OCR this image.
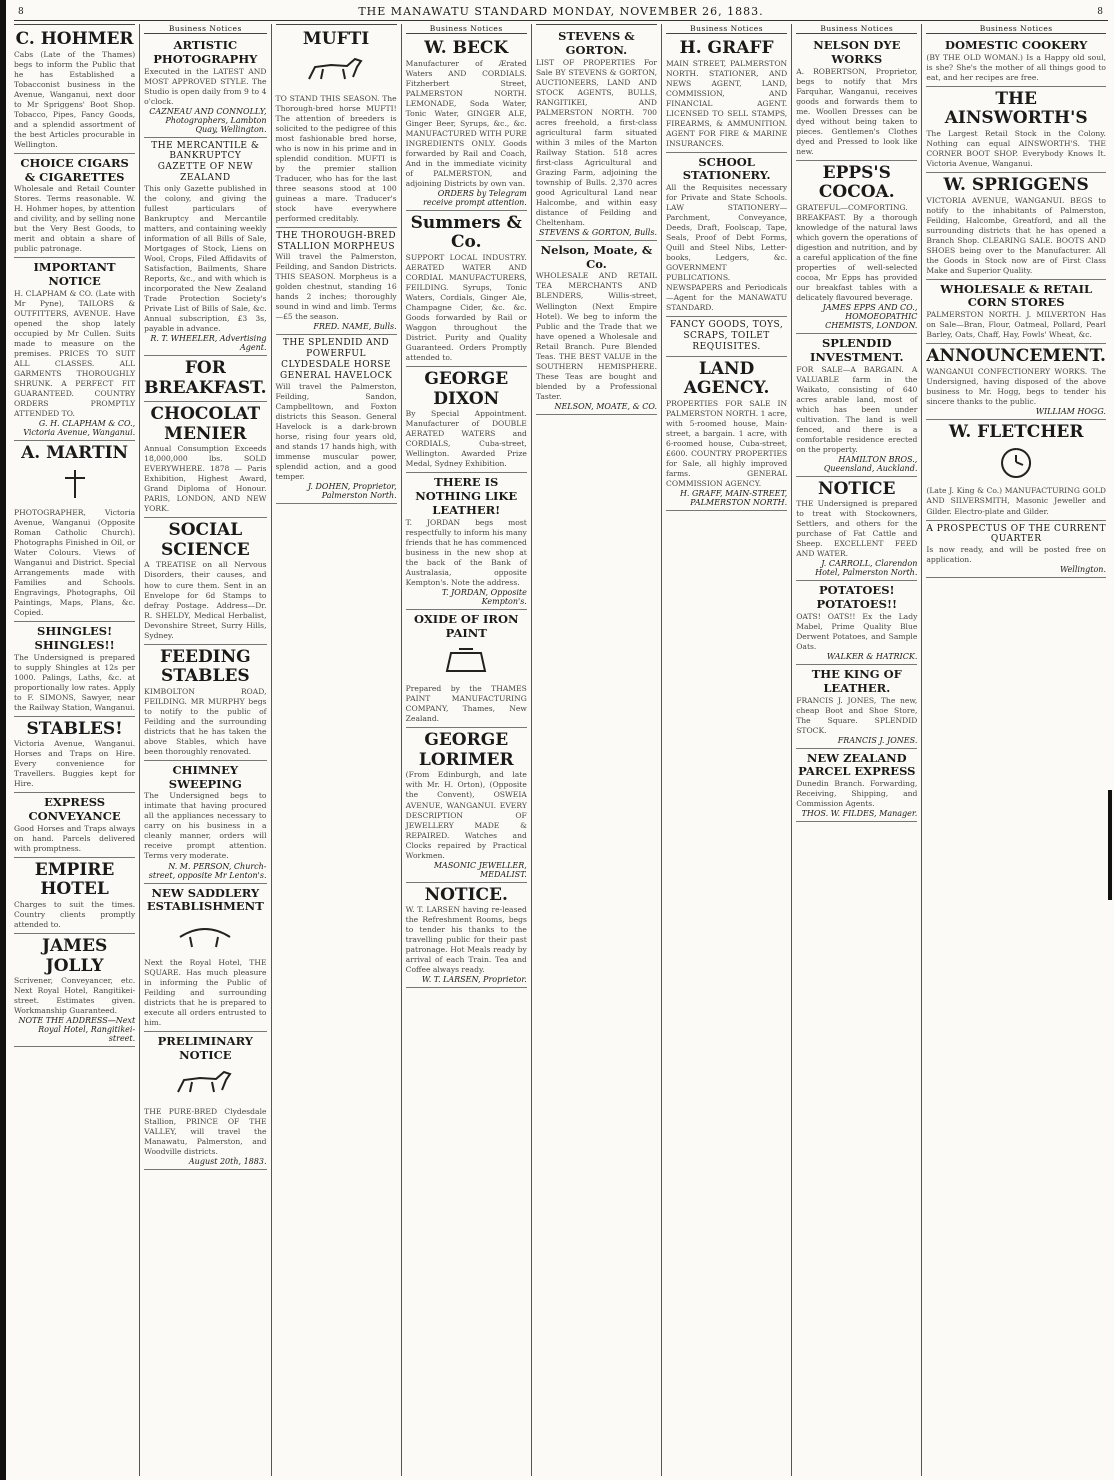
8	THE MANAWATU STANDARD MONDAY, NOVEMBER 26, 1883.	8
C. HOHMER
Cabs (Late of the Thames) begs to inform the Public that he has Established a Tobacconist business in the Avenue, Wanganui, next door to Mr Spriggens' Boot Shop. Tobacco, Pipes, Fancy Goods, and a splendid assortment of the best Articles procurable in Wellington.
CHOICE CIGARS & CIGARETTES
Wholesale and Retail Counter Stores. Terms reasonable. W. H. Hohmer hopes, by attention and civility, and by selling none but the Very Best Goods, to merit and obtain a share of public patronage.
IMPORTANT NOTICE
H. CLAPHAM & CO. (Late with Mr Pyne), TAILORS & OUTFITTERS, AVENUE. Have opened the shop lately occupied by Mr Cullen. Suits made to measure on the premises. PRICES TO SUIT ALL CLASSES. ALL GARMENTS THOROUGHLY SHRUNK. A PERFECT FIT GUARANTEED. COUNTRY ORDERS PROMPTLY ATTENDED TO.
G. H. CLAPHAM & CO., Victoria Avenue, Wanganui.
A. MARTIN
PHOTOGRAPHER, Victoria Avenue, Wanganui (Opposite Roman Catholic Church). Photographs Finished in Oil, or Water Colours. Views of Wanganui and District. Special Arrangements made with Families and Schools. Engravings, Photographs, Oil Paintings, Maps, Plans, &c. Copied.
SHINGLES! SHINGLES!!
The Undersigned is prepared to supply Shingles at 12s per 1000. Palings, Laths, &c. at proportionally low rates. Apply to F. SIMONS, Sawyer, near the Railway Station, Wanganui.
STABLES!
Victoria Avenue, Wanganui. Horses and Traps on Hire. Every convenience for Travellers. Buggies kept for Hire.
EXPRESS CONVEYANCE
Good Horses and Traps always on hand. Parcels delivered with promptness.
EMPIRE HOTEL
Charges to suit the times. Country clients promptly attended to.
JAMES JOLLY
Scrivener, Conveyancer, etc. Next Royal Hotel, Rangitikei-street. Estimates given. Workmanship Guaranteed.
NOTE THE ADDRESS—Next Royal Hotel, Rangitikei-street.
Business Notices
ARTISTIC PHOTOGRAPHY
Executed in the LATEST AND MOST APPROVED STYLE. The Studio is open daily from 9 to 4 o'clock.
CAZNEAU AND CONNOLLY, Photographers, Lambton Quay, Wellington.
THE MERCANTILE & BANKRUPTCY GAZETTE OF NEW ZEALAND
This only Gazette published in the colony, and giving the fullest particulars of Bankruptcy and Mercantile matters, and containing weekly information of all Bills of Sale, Mortgages of Stock, Liens on Wool, Crops, Filed Affidavits of Satisfaction, Bailments, Share Reports, &c., and with which is incorporated the New Zealand Trade Protection Society's Private List of Bills of Sale, &c. Annual subscription, £3 3s, payable in advance.
R. T. WHEELER, Advertising Agent.
FOR BREAKFAST.
CHOCOLAT MENIER
Annual Consumption Exceeds 18,000,000 lbs. SOLD EVERYWHERE. 1878 — Paris Exhibition, Highest Award, Grand Diploma of Honour. PARIS, LONDON, AND NEW YORK.
SOCIAL SCIENCE
A TREATISE on all Nervous Disorders, their causes, and how to cure them. Sent in an Envelope for 6d Stamps to defray Postage. Address—Dr. R. SHELDY, Medical Herbalist, Devonshire Street, Surry Hills, Sydney.
FEEDING STABLES
KIMBOLTON ROAD, FEILDING. MR MURPHY begs to notify to the public of Feilding and the surrounding districts that he has taken the above Stables, which have been thoroughly renovated.
CHIMNEY SWEEPING
The Undersigned begs to intimate that having procured all the appliances necessary to carry on his business in a cleanly manner, orders will receive prompt attention. Terms very moderate.
N. M. PERSON, Church-street, opposite Mr Lenton's.
NEW SADDLERY ESTABLISHMENT
Next the Royal Hotel, THE SQUARE. Has much pleasure in informing the Public of Feilding and surrounding districts that he is prepared to execute all orders entrusted to him.
PRELIMINARY NOTICE
THE PURE-BRED Clydesdale Stallion, PRINCE OF THE VALLEY, will travel the Manawatu, Palmerston, and Woodville districts.
August 20th, 1883.
MUFTI
TO STAND THIS SEASON. The Thorough-bred horse MUFTI! The attention of breeders is solicited to the pedigree of this most fashionable bred horse, who is now in his prime and in splendid condition. MUFTI is by the premier stallion Traducer, who has for the last three seasons stood at 100 guineas a mare. Traducer's stock have everywhere performed creditably.
THE THOROUGH-BRED STALLION MORPHEUS
Will travel the Palmerston, Feilding, and Sandon Districts. THIS SEASON. Morpheus is a golden chestnut, standing 16 hands 2 inches; thoroughly sound in wind and limb. Terms—£5 the season.
FRED. NAME, Bulls.
THE SPLENDID AND POWERFUL CLYDESDALE HORSE GENERAL HAVELOCK
Will travel the Palmerston, Feilding, Sandon, Campbelltown, and Foxton districts this Season. General Havelock is a dark-brown horse, rising four years old, and stands 17 hands high, with immense muscular power, splendid action, and a good temper.
J. DOHEN, Proprietor, Palmerston North.
Business Notices
W. BECK
Manufacturer of Ærated Waters AND CORDIALS. Fitzherbert Street, PALMERSTON NORTH. LEMONADE, Soda Water, Tonic Water, GINGER ALE, Ginger Beer, Syrups, &c., &c. MANUFACTURED WITH PURE INGREDIENTS ONLY. Goods forwarded by Rail and Coach, And in the immediate vicinity of PALMERSTON, and adjoining Districts by own van.
ORDERS by Telegram receive prompt attention.
Summers & Co.
SUPPORT LOCAL INDUSTRY. AERATED WATER AND CORDIAL MANUFACTURERS, FEILDING. Syrups, Tonic Waters, Cordials, Ginger Ale, Champagne Cider, &c. &c. Goods forwarded by Rail or Waggon throughout the District. Purity and Quality Guaranteed. Orders Promptly attended to.
GEORGE DIXON
By Special Appointment. Manufacturer of DOUBLE AERATED WATERS and CORDIALS, Cuba-street, Wellington. Awarded Prize Medal, Sydney Exhibition.
THERE IS NOTHING LIKE LEATHER!
T. JORDAN begs most respectfully to inform his many friends that he has commenced business in the new shop at the back of the Bank of Australasia, opposite Kempton's. Note the address.
T. JORDAN, Opposite Kempton's.
OXIDE OF IRON PAINT
Prepared by the THAMES PAINT MANUFACTURING COMPANY, Thames, New Zealand.
GEORGE LORIMER
(From Edinburgh, and late with Mr. H. Orton), (Opposite the Convent), OSWEIA AVENUE, WANGANUI. EVERY DESCRIPTION OF JEWELLERY MADE & REPAIRED. Watches and Clocks repaired by Practical Workmen.
MASONIC JEWELLER, MEDALIST.
NOTICE.
W. T. LARSEN having re-leased the Refreshment Rooms, begs to tender his thanks to the travelling public for their past patronage. Hot Meals ready by arrival of each Train. Tea and Coffee always ready.
W. T. LARSEN, Proprietor.
STEVENS & GORTON.
LIST OF PROPERTIES For Sale BY STEVENS & GORTON, AUCTIONEERS, LAND AND STOCK AGENTS, BULLS, RANGITIKEI, AND PALMERSTON NORTH. 700 acres freehold, a first-class agricultural farm situated within 3 miles of the Marton Railway Station. 518 acres first-class Agricultural and Grazing Farm, adjoining the township of Bulls. 2,370 acres good Agricultural Land near Halcombe, and within easy distance of Feilding and Cheltenham.
STEVENS & GORTON, Bulls.
Nelson, Moate, & Co.
WHOLESALE AND RETAIL TEA MERCHANTS AND BLENDERS, Willis-street, Wellington (Next Empire Hotel). We beg to inform the Public and the Trade that we have opened a Wholesale and Retail Branch. Pure Blended Teas. THE BEST VALUE in the SOUTHERN HEMISPHERE. These Teas are bought and blended by a Professional Taster.
NELSON, MOATE, & CO.
Business Notices
H. GRAFF
MAIN STREET, PALMERSTON NORTH. STATIONER, AND NEWS AGENT, LAND, COMMISSION, AND FINANCIAL AGENT. LICENSED TO SELL STAMPS, FIREARMS, & AMMUNITION. AGENT FOR FIRE & MARINE INSURANCES.
SCHOOL STATIONERY.
All the Requisites necessary for Private and State Schools. LAW STATIONERY—Parchment, Conveyance, Deeds, Draft, Foolscap, Tape, Seals, Proof of Debt Forms, Quill and Steel Nibs, Letter-books, Ledgers, &c. GOVERNMENT PUBLICATIONS. NEWSPAPERS and Periodicals—Agent for the MANAWATU STANDARD.
FANCY GOODS, TOYS, SCRAPS, TOILET REQUISITES.
LAND AGENCY.
PROPERTIES FOR SALE IN PALMERSTON NORTH. 1 acre, with 5-roomed house, Main-street, a bargain. 1 acre, with 6-roomed house, Cuba-street, £600. COUNTRY PROPERTIES for Sale, all highly improved farms. GENERAL COMMISSION AGENCY.
H. GRAFF, MAIN-STREET, PALMERSTON NORTH.
Business Notices
NELSON DYE WORKS
A. ROBERTSON, Proprietor, begs to notify that Mrs Farquhar, Wanganui, receives goods and forwards them to me. Woollen Dresses can be dyed without being taken to pieces. Gentlemen's Clothes dyed and Pressed to look like new.
EPPS'S COCOA.
GRATEFUL—COMFORTING. BREAKFAST. By a thorough knowledge of the natural laws which govern the operations of digestion and nutrition, and by a careful application of the fine properties of well-selected cocoa, Mr Epps has provided our breakfast tables with a delicately flavoured beverage.
JAMES EPPS AND CO., HOMOEOPATHIC CHEMISTS, LONDON.
SPLENDID INVESTMENT.
FOR SALE—A BARGAIN. A VALUABLE farm in the Waikato, consisting of 640 acres arable land, most of which has been under cultivation. The land is well fenced, and there is a comfortable residence erected on the property.
HAMILTON BROS., Queensland, Auckland.
NOTICE
THE Undersigned is prepared to treat with Stockowners, Settlers, and others for the purchase of Fat Cattle and Sheep. EXCELLENT FEED AND WATER.
J. CARROLL, Clarendon Hotel, Palmerston North.
POTATOES! POTATOES!!
OATS! OATS!! Ex the Lady Mabel, Prime Quality Blue Derwent Potatoes, and Sample Oats.
WALKER & HATRICK.
THE KING OF LEATHER.
FRANCIS J. JONES, The new, cheap Boot and Shoe Store, The Square. SPLENDID STOCK.
FRANCIS J. JONES.
NEW ZEALAND PARCEL EXPRESS
Dunedin Branch. Forwarding, Receiving, Shipping, and Commission Agents.
THOS. W. FILDES, Manager.
Business Notices
DOMESTIC COOKERY
(BY THE OLD WOMAN.) Is a Happy old soul, is she? She's the mother of all things good to eat, and her recipes are free.
THE AINSWORTH'S
The Largest Retail Stock in the Colony. Nothing can equal AINSWORTH'S. THE CORNER BOOT SHOP. Everybody Knows It. Victoria Avenue, Wanganui.
W. SPRIGGENS
VICTORIA AVENUE, WANGANUI. BEGS to notify to the inhabitants of Palmerston, Feilding, Halcombe, Greatford, and all the surrounding districts that he has opened a Branch Shop. CLEARING SALE. BOOTS AND SHOES being over to the Manufacturer. All the Goods in Stock now are of First Class Make and Superior Quality.
WHOLESALE & RETAIL CORN STORES
PALMERSTON NORTH. J. MILVERTON Has on Sale—Bran, Flour, Oatmeal, Pollard, Pearl Barley, Oats, Chaff, Hay, Fowls' Wheat, &c.
ANNOUNCEMENT.
WANGANUI CONFECTIONERY WORKS. The Undersigned, having disposed of the above business to Mr. Hogg, begs to tender his sincere thanks to the public.
WILLIAM HOGG.
W. FLETCHER
(Late J. King & Co.) MANUFACTURING GOLD AND SILVERSMITH, Masonic Jeweller and Gilder. Electro-plate and Gilder.
A PROSPECTUS OF THE CURRENT QUARTER
Is now ready, and will be posted free on application.
Wellington.
